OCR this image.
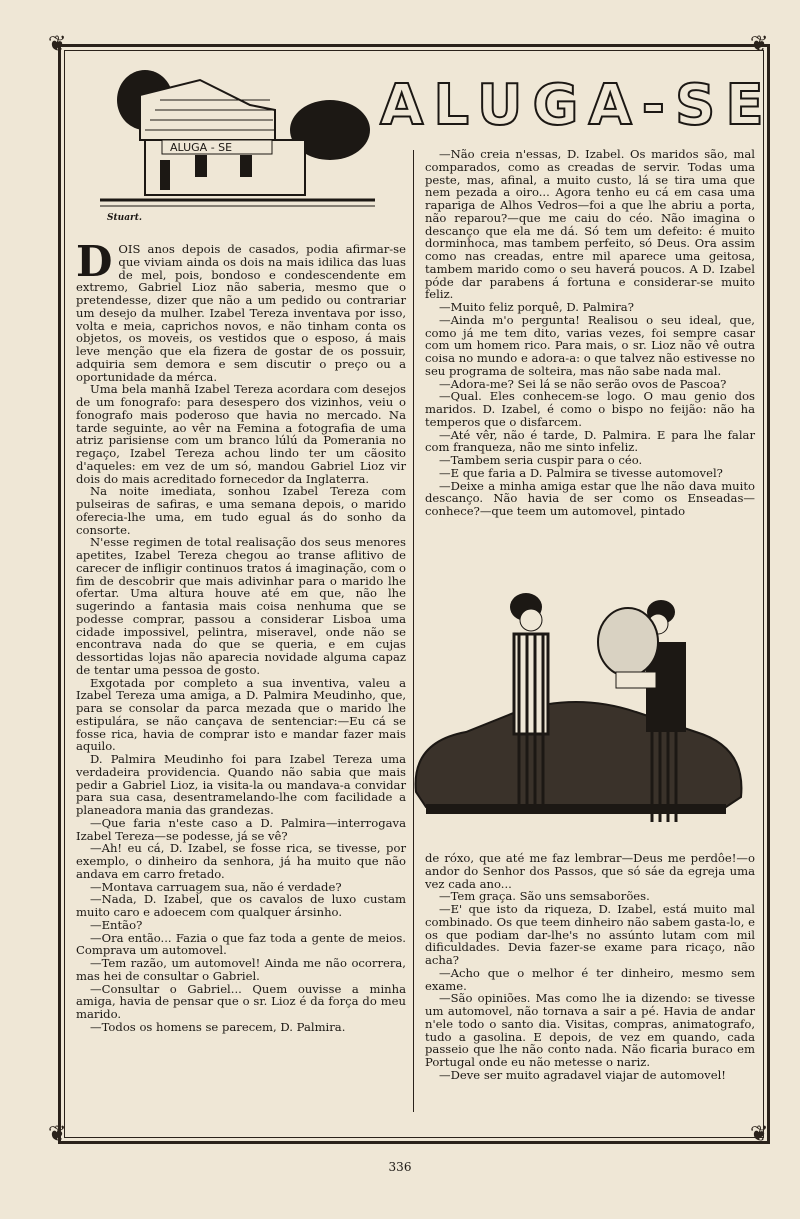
❦	❦
❦	❦
ALUGA - SE
Stuart.
ALUGA-SE

DOIS anos depois de casados, podia afirmar-se que viviam ainda os dois na mais idilica das luas de mel, pois, bondoso e condescendente em extremo, Gabriel Lioz não saberia, mesmo que o pretendesse, dizer que não a um pedido ou contrariar um desejo da mulher. Izabel Tereza inventava por isso, volta e meia, caprichos novos, e não tinham conta os objetos, os moveis, os vestidos que o esposo, á mais leve menção que ela fizera de gostar de os possuir, adquiria sem demora e sem discutir o preço ou a oportunidade da mérca.

Uma bela manhã Izabel Tereza acordara com desejos de um fonografo: para desespero dos vizinhos, veiu o fonografo mais poderoso que havia no mercado. Na tarde seguinte, ao vêr na Femina a fotografia de uma atriz parisiense com um branco lúlú da Pomerania no regaço, Izabel Tereza achou lindo ter um cãosito d'aqueles: em vez de um só, mandou Gabriel Lioz vir dois do mais acreditado fornecedor da Inglaterra.

Na noite imediata, sonhou Izabel Tereza com pulseiras de safiras, e uma semana depois, o marido oferecia-lhe uma, em tudo egual ás do sonho da consorte.

N'esse regimen de total realisação dos seus menores apetites, Izabel Tereza chegou ao transe aflitivo de carecer de infligir continuos tratos á imaginação, com o fim de descobrir que mais adivinhar para o marido lhe ofertar. Uma altura houve até em que, não lhe sugerindo a fantasia mais coisa nenhuma que se podesse comprar, passou a considerar Lisboa uma cidade impossivel, pelintra, miseravel, onde não se encontrava nada do que se queria, e em cujas dessortidas lojas não aparecia novidade alguma capaz de tentar uma pessoa de gosto.

Exgotada por completo a sua inventiva, valeu a Izabel Tereza uma amiga, a D. Palmira Meudinho, que, para se consolar da parca mezada que o marido lhe estipulára, se não cançava de sentenciar:—Eu cá se fosse rica, havia de comprar isto e mandar fazer mais aquilo.

D. Palmira Meudinho foi para Izabel Tereza uma verdadeira providencia. Quando não sabia que mais pedir a Gabriel Lioz, ia visita-la ou mandava-a convidar para sua casa, desentramelando-lhe com facilidade a planeadora mania das grandezas.

—Que faria n'este caso a D. Palmira—interrogava Izabel Tereza—se podesse, já se vê?

—Ah! eu cá, D. Izabel, se fosse rica, se tivesse, por exemplo, o dinheiro da senhora, já ha muito que não andava em carro fretado.

—Montava carruagem sua, não é verdade?

—Nada, D. Izabel, que os cavalos de luxo custam muito caro e adoecem com qualquer ársinho.

—Então?

—Ora então... Fazia o que faz toda a gente de meios. Comprava um automovel.

—Tem razão, um automovel! Ainda me não ocorrera, mas hei de consultar o Gabriel.

—Consultar o Gabriel... Quem ouvisse a minha amiga, havia de pensar que o sr. Lioz é da força do meu marido.

—Todos os homens se parecem, D. Palmira.

—Não creia n'essas, D. Izabel. Os maridos são, mal comparados, como as creadas de servir. Todas uma peste, mas, afinal, a muito custo, lá se tira uma que nem pezada a oiro... Agora tenho eu cá em casa uma rapariga de Alhos Vedros—foi a que lhe abriu a porta, não reparou?—que me caiu do céo. Não imagina o descanço que ela me dá. Só tem um defeito: é muito dorminhoca, mas tambem perfeito, só Deus. Ora assim como nas creadas, entre mil aparece uma geitosa, tambem marido como o seu haverá poucos. A D. Izabel póde dar parabens á fortuna e considerar-se muito feliz.

—Muito feliz porquê, D. Palmira?

—Ainda m'o pergunta! Realisou o seu ideal, que, como já me tem dito, varias vezes, foi sempre casar com um homem rico. Para mais, o sr. Lioz não vê outra coisa no mundo e adora-a: o que talvez não estivesse no seu programa de solteira, mas não sabe nada mal.

—Adora-me? Sei lá se não serão ovos de Pascoa?

—Qual. Eles conhecem-se logo. O mau genio dos maridos. D. Izabel, é como o bispo no feijão: não ha temperos que o disfarcem.

—Até vêr, não é tarde, D. Palmira. E para lhe falar com franqueza, não me sinto infeliz.

—Tambem seria cuspir para o céo.

—E que faria a D. Palmira se tivesse automovel?

—Deixe a minha amiga estar que lhe não dava muito descanço. Não havia de ser como os Enseadas—conhece?—que teem um automovel, pintado

de róxo, que até me faz lembrar—Deus me perdôe!—o andor do Senhor dos Passos, que só sáe da egreja uma vez cada ano...

—Tem graça. São uns semsaborões.

—E' que isto da riqueza, D. Izabel, está muito mal combinado. Os que teem dinheiro não sabem gasta-lo, e os que podiam dar-lhe's no assúnto lutam com mil dificuldades. Devia fazer-se exame para ricaço, não acha?

—Acho que o melhor é ter dinheiro, mesmo sem exame.

—São opiniões. Mas como lhe ia dizendo: se tivesse um automovel, não tornava a sair a pé. Havia de andar n'ele todo o santo dia. Visitas, compras, animatografo, tudo a gasolina. E depois, de vez em quando, cada passeio que lhe não conto nada. Não ficaria buraco em Portugal onde eu não metesse o nariz.

—Deve ser muito agradavel viajar de automovel!

336
